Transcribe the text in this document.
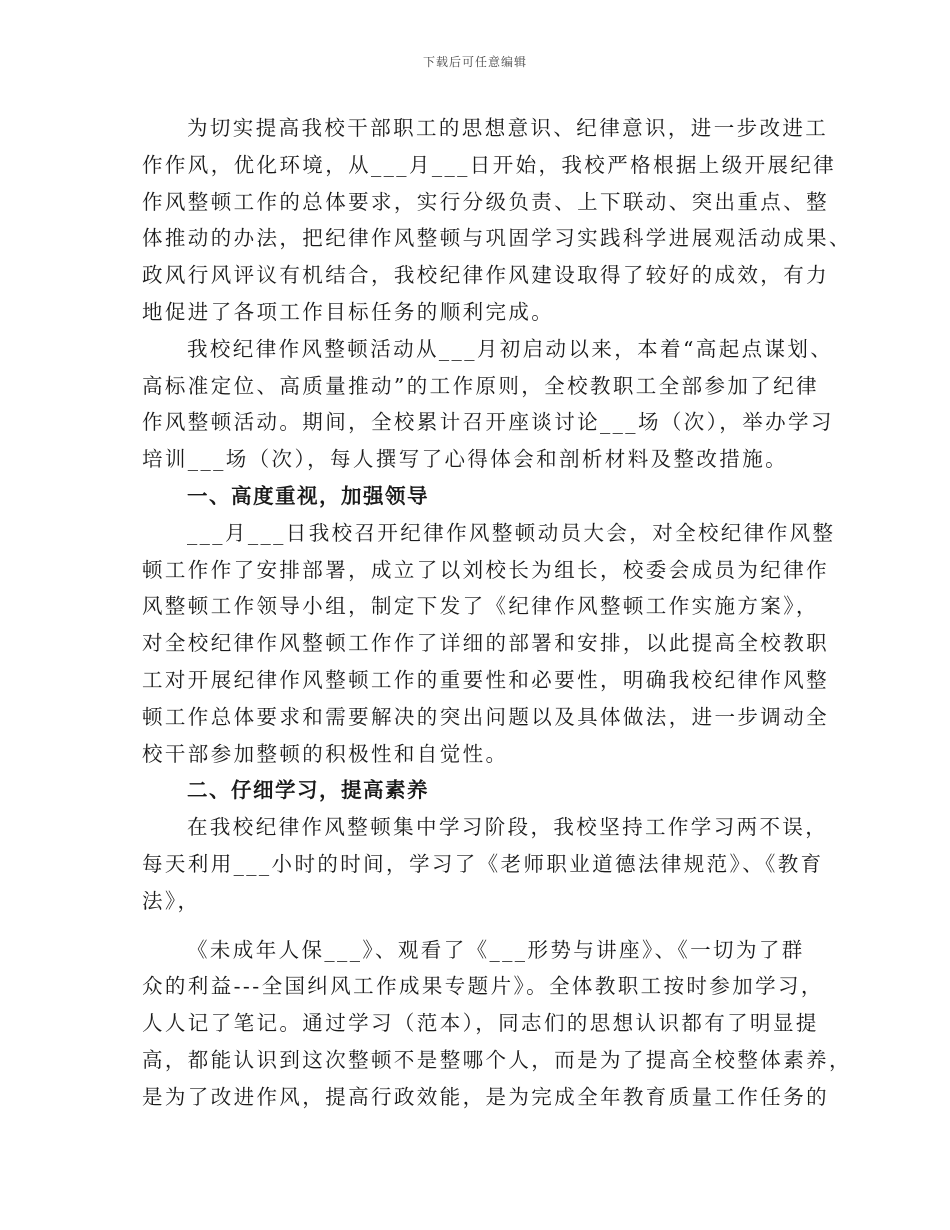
下载后可任意编辑
为切实提高我校干部职工的思想意识、纪律意识，进一步改进工
作作风，优化环境，从___月___日开始，我校严格根据上级开展纪律
作风整顿工作的总体要求，实行分级负责、上下联动、突出重点、整
体推动的办法，把纪律作风整顿与巩固学习实践科学进展观活动成果、
政风行风评议有机结合，我校纪律作风建设取得了较好的成效，有力
地促进了各项工作目标任务的顺利完成。
我校纪律作风整顿活动从___月初启动以来，本着“高起点谋划、
高标准定位、高质量推动”的工作原则，全校教职工全部参加了纪律
作风整顿活动。期间，全校累计召开座谈讨论___场（次），举办学习
培训___场（次），每人撰写了心得体会和剖析材料及整改措施。
一、高度重视，加强领导
___月___日我校召开纪律作风整顿动员大会，对全校纪律作风整
顿工作作了安排部署，成立了以刘校长为组长，校委会成员为纪律作
风整顿工作领导小组，制定下发了《纪律作风整顿工作实施方案》，
对全校纪律作风整顿工作作了详细的部署和安排，以此提高全校教职
工对开展纪律作风整顿工作的重要性和必要性，明确我校纪律作风整
顿工作总体要求和需要解决的突出问题以及具体做法，进一步调动全
校干部参加整顿的积极性和自觉性。
二、仔细学习，提高素养
在我校纪律作风整顿集中学习阶段，我校坚持工作学习两不误，
每天利用___小时的时间，学习了《老师职业道德法律规范》、《教育
法》，
《未成年人保___》、观看了《___形势与讲座》、《一切为了群
众的利益---全国纠风工作成果专题片》。全体教职工按时参加学习，
人人记了笔记。通过学习（范本），同志们的思想认识都有了明显提
高，都能认识到这次整顿不是整哪个人，而是为了提高全校整体素养，
是为了改进作风，提高行政效能，是为完成全年教育质量工作任务的
